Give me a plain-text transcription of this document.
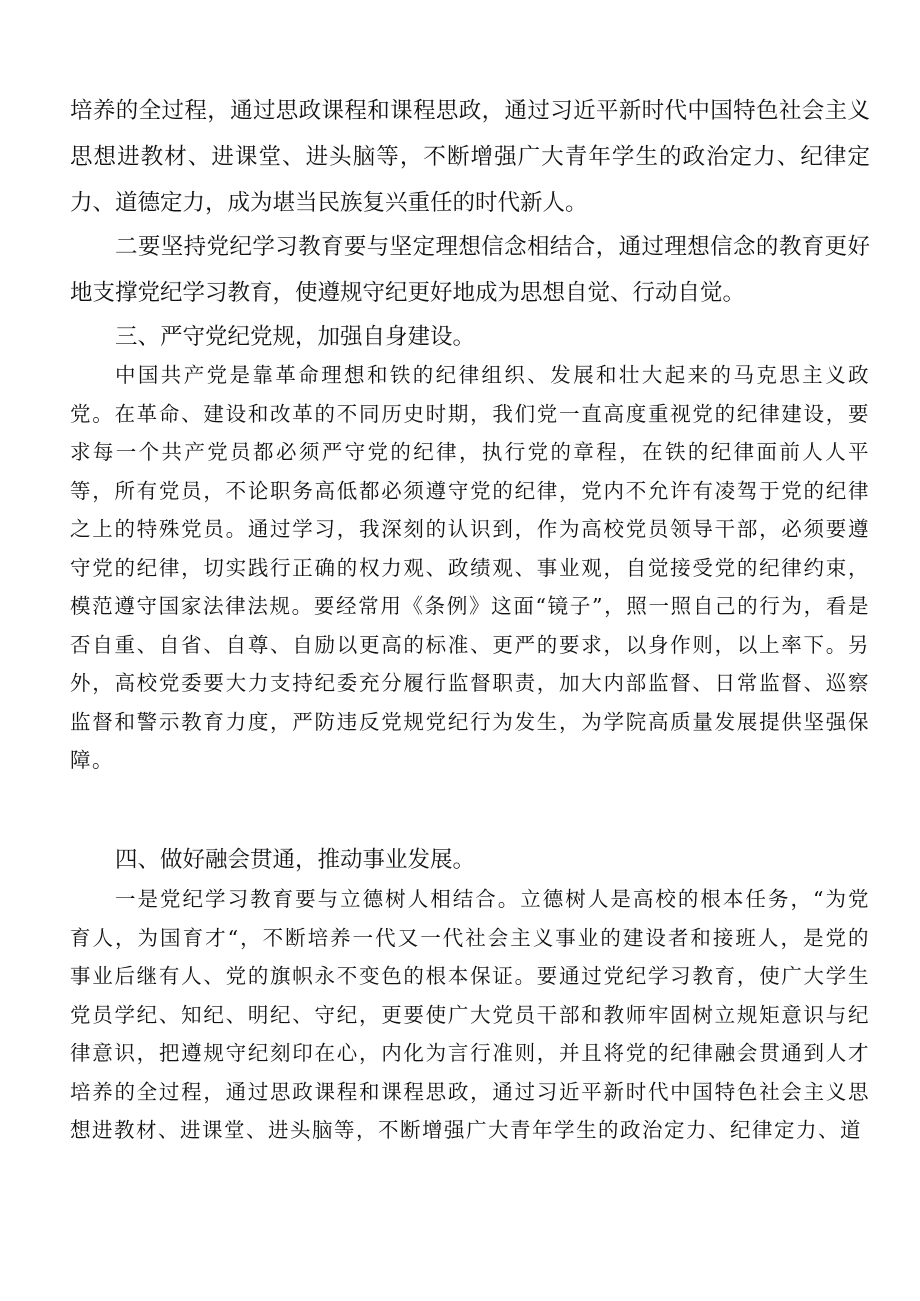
培养的全过程，通过思政课程和课程思政，通过习近平新时代中国特色社会主义思想进教材、进课堂、进头脑等，不断增强广大青年学生的政治定力、纪律定力、道德定力，成为堪当民族复兴重任的时代新人。

二要坚持党纪学习教育要与坚定理想信念相结合，通过理想信念的教育更好地支撑党纪学习教育，使遵规守纪更好地成为思想自觉、行动自觉。

三、严守党纪党规，加强自身建设。

中国共产党是靠革命理想和铁的纪律组织、发展和壮大起来的马克思主义政党。在革命、建设和改革的不同历史时期，我们党一直高度重视党的纪律建设，要求每一个共产党员都必须严守党的纪律，执行党的章程，在铁的纪律面前人人平等，所有党员，不论职务高低都必须遵守党的纪律，党内不允许有凌驾于党的纪律之上的特殊党员。通过学习，我深刻的认识到，作为高校党员领导干部，必须要遵守党的纪律，切实践行正确的权力观、政绩观、事业观，自觉接受党的纪律约束，模范遵守国家法律法规。要经常用《条例》这面“镜子”，照一照自己的行为，看是否自重、自省、自尊、自励以更高的标准、更严的要求，以身作则，以上率下。另外，高校党委要大力支持纪委充分履行监督职责，加大内部监督、日常监督、巡察监督和警示教育力度，严防违反党规党纪行为发生，为学院高质量发展提供坚强保障。

四、做好融会贯通，推动事业发展。

一是党纪学习教育要与立德树人相结合。立德树人是高校的根本任务，“为党育人，为国育才“，不断培养一代又一代社会主义事业的建设者和接班人，是党的事业后继有人、党的旗帜永不变色的根本保证。要通过党纪学习教育，使广大学生党员学纪、知纪、明纪、守纪，更要使广大党员干部和教师牢固树立规矩意识与纪律意识，把遵规守纪刻印在心，内化为言行准则，并且将党的纪律融会贯通到人才培养的全过程，通过思政课程和课程思政，通过习近平新时代中国特色社会主义思想进教材、进课堂、进头脑等，不断增强广大青年学生的政治定力、纪律定力、道
